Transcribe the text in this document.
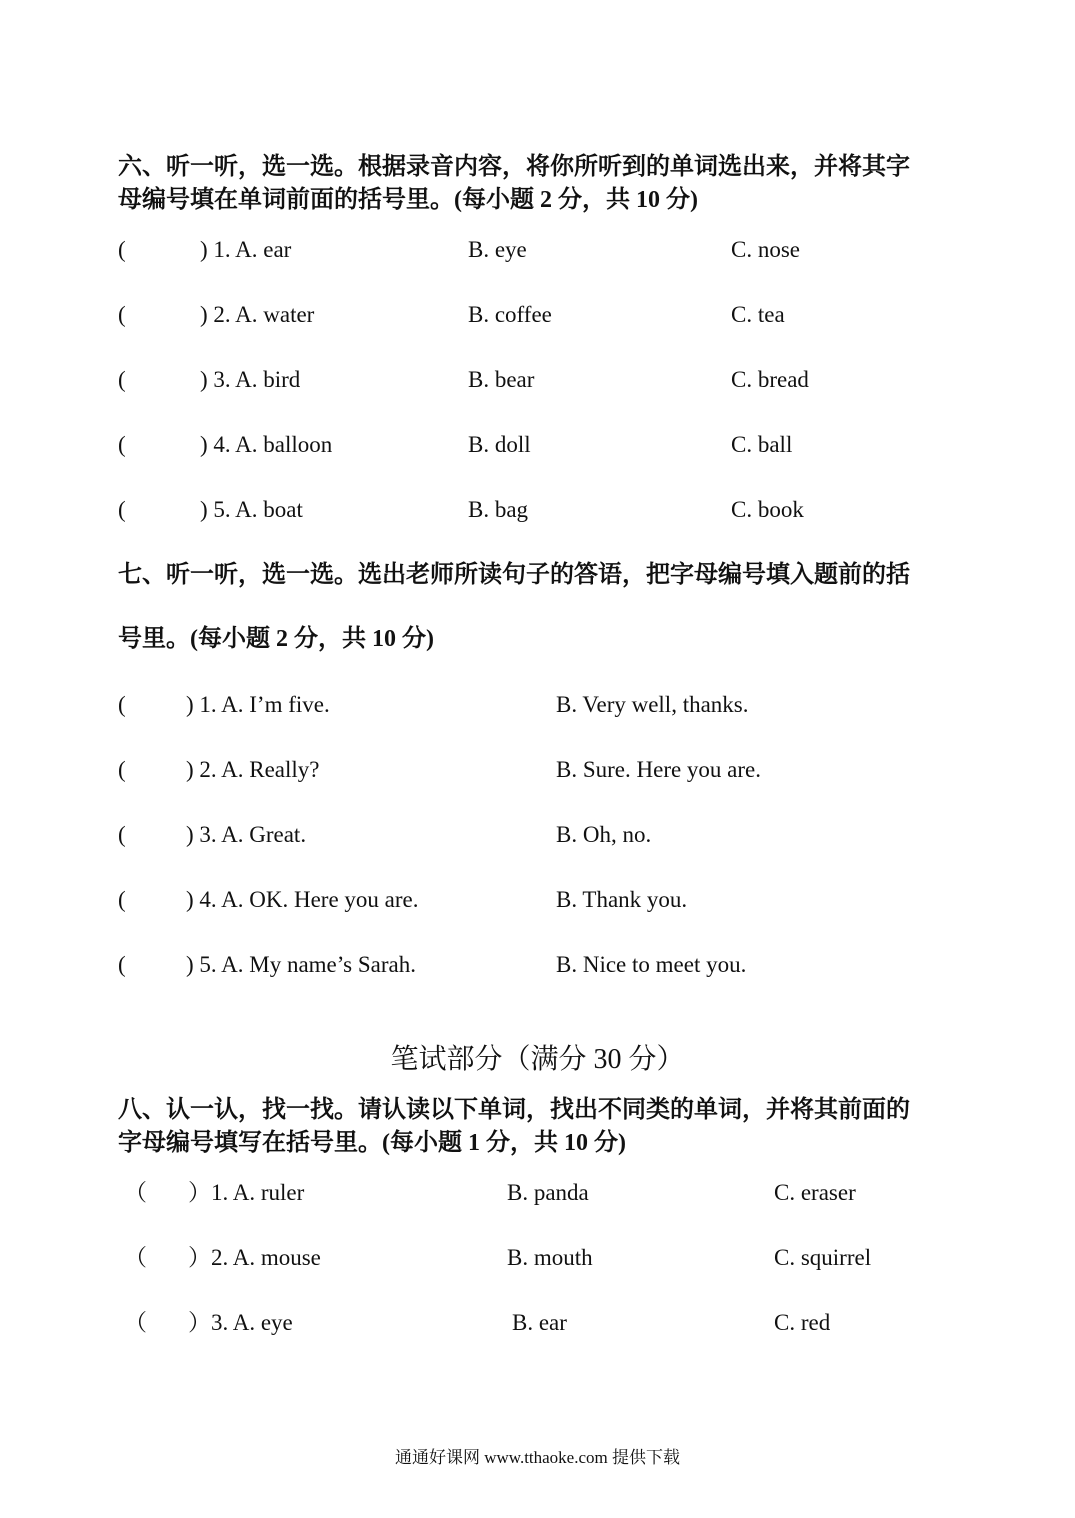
六、听一听，选一选。根据录音内容，将你所听到的单词选出来，并将其字
母编号填在单词前面的括号里。(每小题 2 分，共 10 分)
(	) 1. A. ear	B. eye	C. nose
(	) 2. A. water	B. coffee	C. tea
(	) 3. A. bird	B. bear	C. bread
(	) 4. A. balloon	B. doll	C. ball
(	) 5. A. boat	B. bag	C. book
七、听一听，选一选。选出老师所读句子的答语，把字母编号填入题前的括
号里。(每小题 2 分，共 10 分)
(	) 1. A. I’m five.	B. Very well, thanks.
(	) 2. A. Really?	B. Sure. Here you are.
(	) 3. A. Great.	B. Oh, no.
(	) 4. A. OK. Here you are.	B. Thank you.
(	) 5. A. My name’s Sarah.	B. Nice to meet you.
笔试部分（满分 30 分）
八、认一认，找一找。请认读以下单词，找出不同类的单词，并将其前面的
字母编号填写在括号里。(每小题 1 分，共 10 分)
（ ）1. A. ruler	B. panda	C. eraser
（ ）2. A. mouse	B. mouth	C. squirrel
（ ）3. A. eye	B. ear	C. red
通通好课网 www.tthaoke.com 提供下载
